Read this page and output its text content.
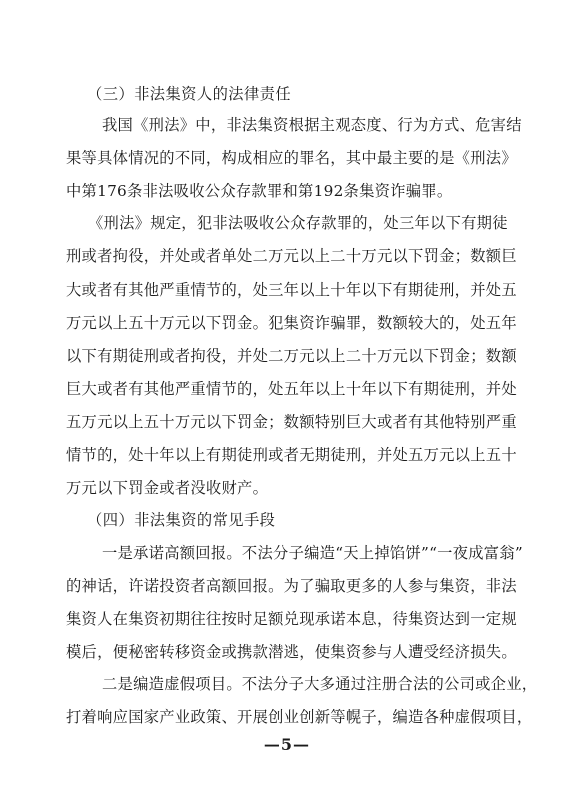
（三）非法集资人的法律责任
我国《刑法》中，非法集资根据主观态度、行为方式、危害结
果等具体情况的不同，构成相应的罪名，其中最主要的是《刑法》
中第176条非法吸收公众存款罪和第192条集资诈骗罪。
《刑法》规定，犯非法吸收公众存款罪的，处三年以下有期徒
刑或者拘役，并处或者单处二万元以上二十万元以下罚金；数额巨
大或者有其他严重情节的，处三年以上十年以下有期徒刑，并处五
万元以上五十万元以下罚金。犯集资诈骗罪，数额较大的，处五年
以下有期徒刑或者拘役，并处二万元以上二十万元以下罚金；数额
巨大或者有其他严重情节的，处五年以上十年以下有期徒刑，并处
五万元以上五十万元以下罚金；数额特别巨大或者有其他特别严重
情节的，处十年以上有期徒刑或者无期徒刑，并处五万元以上五十
万元以下罚金或者没收财产。
（四）非法集资的常见手段
一是承诺高额回报。不法分子编造“天上掉馅饼”“一夜成富翁”
的神话，许诺投资者高额回报。为了骗取更多的人参与集资，非法
集资人在集资初期往往按时足额兑现承诺本息，待集资达到一定规
模后，便秘密转移资金或携款潜逃，使集资参与人遭受经济损失。
二是编造虚假项目。不法分子大多通过注册合法的公司或企业，
打着响应国家产业政策、开展创业创新等幌子，编造各种虚假项目，
—5—
